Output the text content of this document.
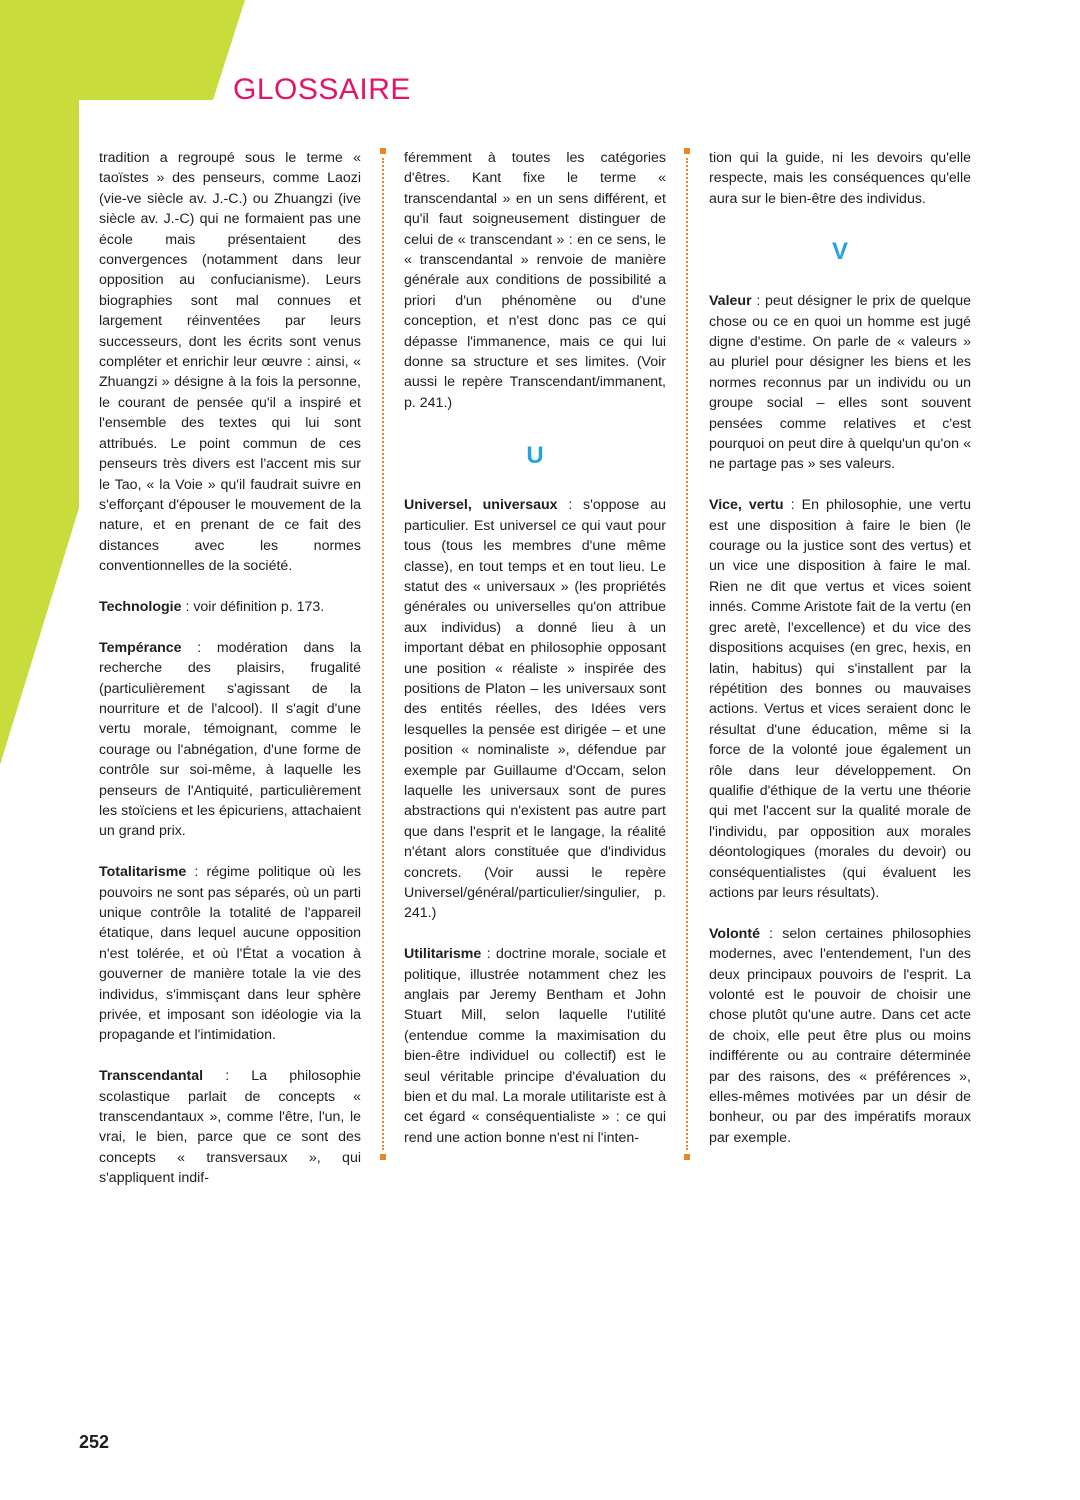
GLOSSAIRE

tradition a regroupé sous le terme « taoïstes » des penseurs, comme Laozi (vie-ve siècle av. J.-C.) ou Zhuangzi (ive siècle av. J.-C) qui ne formaient pas une école mais présentaient des convergences (notamment dans leur opposition au confucianisme). Leurs biographies sont mal connues et largement réinventées par leurs successeurs, dont les écrits sont venus compléter et enrichir leur œuvre : ainsi, « Zhuangzi » désigne à la fois la personne, le courant de pensée qu'il a inspiré et l'ensemble des textes qui lui sont attribués. Le point commun de ces penseurs très divers est l'accent mis sur le Tao, « la Voie » qu'il faudrait suivre en s'efforçant d'épouser le mouvement de la nature, et en prenant de ce fait des distances avec les normes conventionnelles de la société.

Technologie : voir définition p. 173.

Tempérance : modération dans la recherche des plaisirs, frugalité (particulièrement s'agissant de la nourriture et de l'alcool). Il s'agit d'une vertu morale, témoignant, comme le courage ou l'abnégation, d'une forme de contrôle sur soi-même, à laquelle les penseurs de l'Antiquité, particulièrement les stoïciens et les épicuriens, attachaient un grand prix.

Totalitarisme : régime politique où les pouvoirs ne sont pas séparés, où un parti unique contrôle la totalité de l'appareil étatique, dans lequel aucune opposition n'est tolérée, et où l'État a vocation à gouverner de manière totale la vie des individus, s'immisçant dans leur sphère privée, et imposant son idéologie via la propagande et l'intimidation.

Transcendantal : La philosophie scolastique parlait de concepts « transcendantaux », comme l'être, l'un, le vrai, le bien, parce que ce sont des concepts « transversaux », qui s'appliquent indif-

féremment à toutes les catégories d'êtres. Kant fixe le terme « transcendantal » en un sens différent, et qu'il faut soigneusement distinguer de celui de « transcendant » : en ce sens, le « transcendantal » renvoie de manière générale aux conditions de possibilité a priori d'un phénomène ou d'une conception, et n'est donc pas ce qui dépasse l'immanence, mais ce qui lui donne sa structure et ses limites. (Voir aussi le repère Transcendant/immanent, p. 241.)

U

Universel, universaux : s'oppose au particulier. Est universel ce qui vaut pour tous (tous les membres d'une même classe), en tout temps et en tout lieu. Le statut des « universaux » (les propriétés générales ou universelles qu'on attribue aux individus) a donné lieu à un important débat en philosophie opposant une position « réaliste » inspirée des positions de Platon – les universaux sont des entités réelles, des Idées vers lesquelles la pensée est dirigée – et une position « nominaliste », défendue par exemple par Guillaume d'Occam, selon laquelle les universaux sont de pures abstractions qui n'existent pas autre part que dans l'esprit et le langage, la réalité n'étant alors constituée que d'individus concrets. (Voir aussi le repère Universel/général/particulier/singulier, p. 241.)

Utilitarisme : doctrine morale, sociale et politique, illustrée notamment chez les anglais par Jeremy Bentham et John Stuart Mill, selon laquelle l'utilité (entendue comme la maximisation du bien-être individuel ou collectif) est le seul véritable principe d'évaluation du bien et du mal. La morale utilitariste est à cet égard « conséquentialiste » : ce qui rend une action bonne n'est ni l'inten-

tion qui la guide, ni les devoirs qu'elle respecte, mais les conséquences qu'elle aura sur le bien-être des individus.

V

Valeur : peut désigner le prix de quelque chose ou ce en quoi un homme est jugé digne d'estime. On parle de « valeurs » au pluriel pour désigner les biens et les normes reconnus par un individu ou un groupe social – elles sont souvent pensées comme relatives et c'est pourquoi on peut dire à quelqu'un qu'on « ne partage pas » ses valeurs.

Vice, vertu : En philosophie, une vertu est une disposition à faire le bien (le courage ou la justice sont des vertus) et un vice une disposition à faire le mal. Rien ne dit que vertus et vices soient innés. Comme Aristote fait de la vertu (en grec aretè, l'excellence) et du vice des dispositions acquises (en grec, hexis, en latin, habitus) qui s'installent par la répétition des bonnes ou mauvaises actions. Vertus et vices seraient donc le résultat d'une éducation, même si la force de la volonté joue également un rôle dans leur développement. On qualifie d'éthique de la vertu une théorie qui met l'accent sur la qualité morale de l'individu, par opposition aux morales déontologiques (morales du devoir) ou conséquentialistes (qui évaluent les actions par leurs résultats).

Volonté : selon certaines philosophies modernes, avec l'entendement, l'un des deux principaux pouvoirs de l'esprit. La volonté est le pouvoir de choisir une chose plutôt qu'une autre. Dans cet acte de choix, elle peut être plus ou moins indifférente ou au contraire déterminée par des raisons, des « préférences », elles-mêmes motivées par un désir de bonheur, ou par des impératifs moraux par exemple.

252
